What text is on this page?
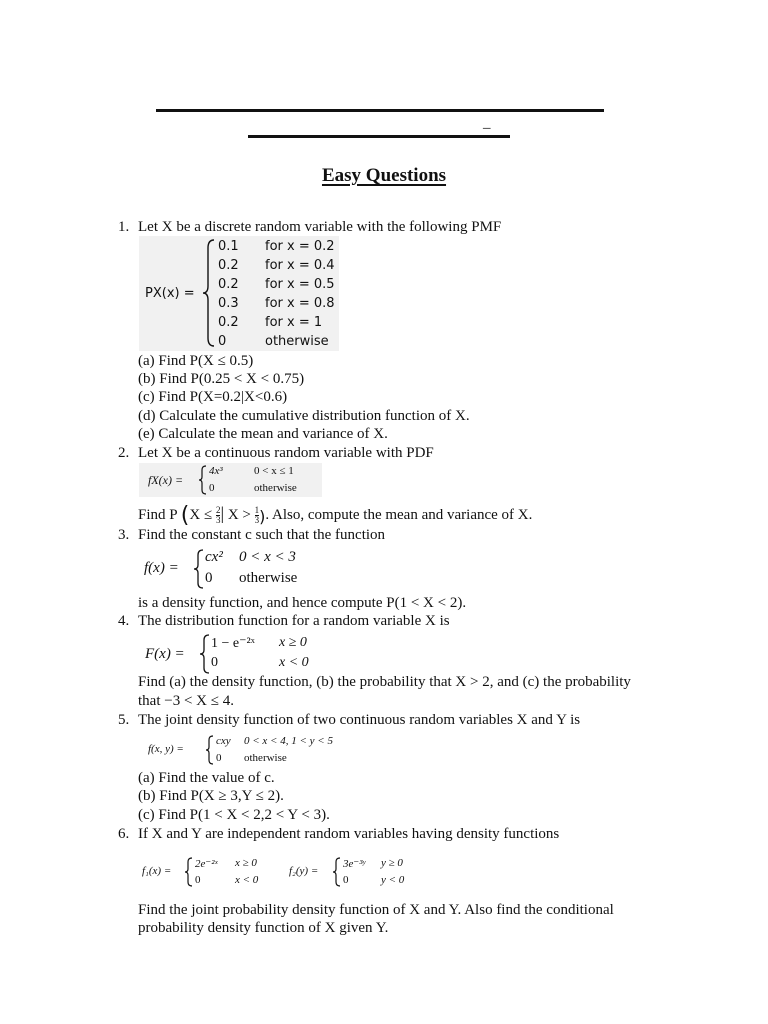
_
Easy Questions
1. Let X be a discrete random variable with the following PMF
PX(x) =
0.1 for x = 0.2
0.2 for x = 0.4
0.2 for x = 0.5
0.3 for x = 0.8
0.2 for x = 1
0	otherwise
(a) Find P(X ≤ 0.5)
(b) Find P(0.25 < X < 0.75)
(c) Find P(X=0.2|X<0.6)
(d) Calculate the cumulative distribution function of X.
(e) Calculate the mean and variance of X.
2. Let X be a continuous random variable with PDF
fX(x) =
4x³	0 < x ≤ 1
0	otherwise
Find P ($X \le \frac{2}{3}$ | $X > \frac{1}{3}$ ). Also, compute the mean and variance of X.
3. Find the constant c such that the function
f(x) =
cx² 0 < x < 3
0 otherwise
is a density function, and hence compute P(1 < X < 2).
4. The distribution function for a random variable X is
F(x) =
1 − e⁻²ˣ x ≥ 0
0	x < 0
Find (a) the density function, (b) the probability that X > 2, and (c) the probability
that −3 < X ≤ 4.
5. The joint density function of two continuous random variables X and Y is
f(x, y) =
cxy 0 < x < 4, 1 < y < 5
0 otherwise
(a) Find the value of c.
(b) Find P(X ≥ 3,Y ≤ 2).
(c) Find P(1 < X < 2,2 < Y < 3).
6. If X and Y are independent random variables having density functions
f₁(x) =
2e⁻²ˣ x ≥ 0
0	x < 0
f₂(y) =
3e⁻³ʸ y ≥ 0
0	y < 0
Find the joint probability density function of X and Y. Also find the conditional
probability density function of X given Y.
